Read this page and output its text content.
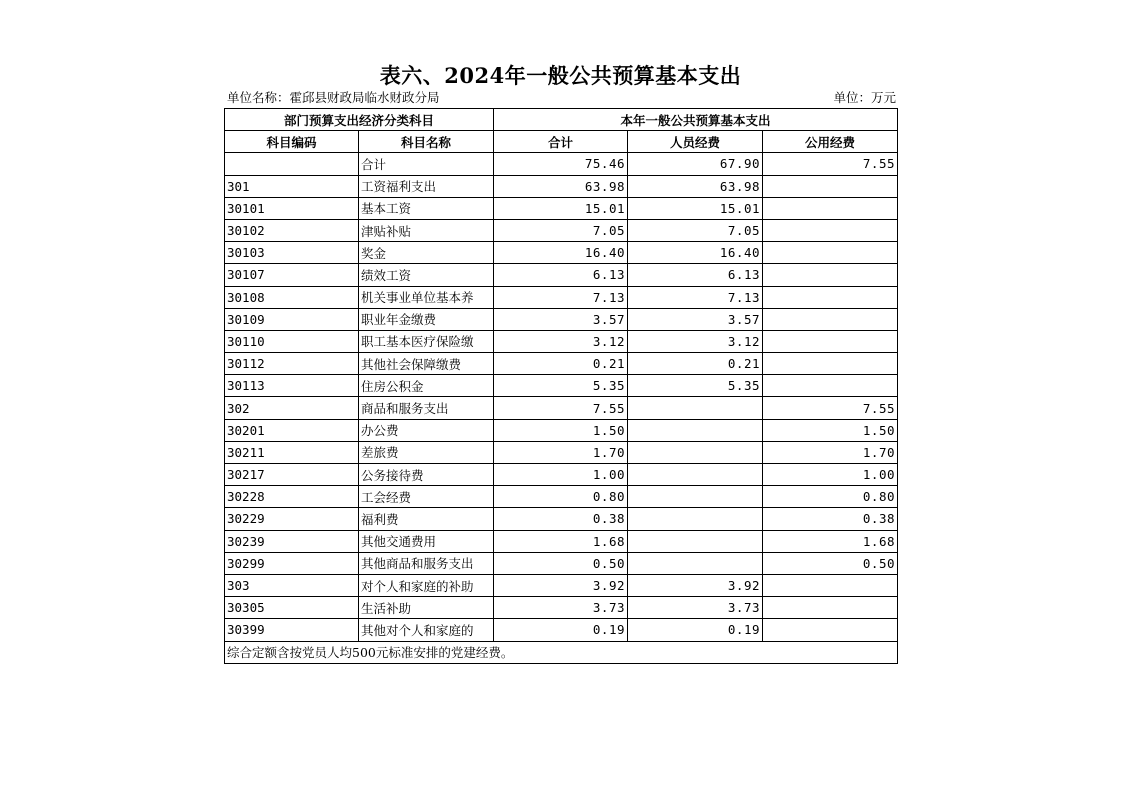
表六、2024年一般公共预算基本支出
单位名称：霍邱县财政局临水财政分局	单位：万元
部门预算支出经济分类科目		本年一般公共预算基本支出		
科目编码	科目名称	合计	人员经费	公用经费
	合计	75.46	67.90	7.55
301	工资福利支出	63.98	63.98	
30101	基本工资	15.01	15.01	
30102	津贴补贴	7.05	7.05	
30103	奖金	16.40	16.40	
30107	绩效工资	6.13	6.13	
30108	机关事业单位基本养	7.13	7.13	
30109	职业年金缴费	3.57	3.57	
30110	职工基本医疗保险缴	3.12	3.12	
30112	其他社会保障缴费	0.21	0.21	
30113	住房公积金	5.35	5.35	
302	商品和服务支出	7.55		7.55
30201	办公费	1.50		1.50
30211	差旅费	1.70		1.70
30217	公务接待费	1.00		1.00
30228	工会经费	0.80		0.80
30229	福利费	0.38		0.38
30239	其他交通费用	1.68		1.68
30299	其他商品和服务支出	0.50		0.50
303	对个人和家庭的补助	3.92	3.92	
30305	生活补助	3.73	3.73	
30399	其他对个人和家庭的	0.19	0.19	
综合定额含按党员人均500元标准安排的党建经费。				
